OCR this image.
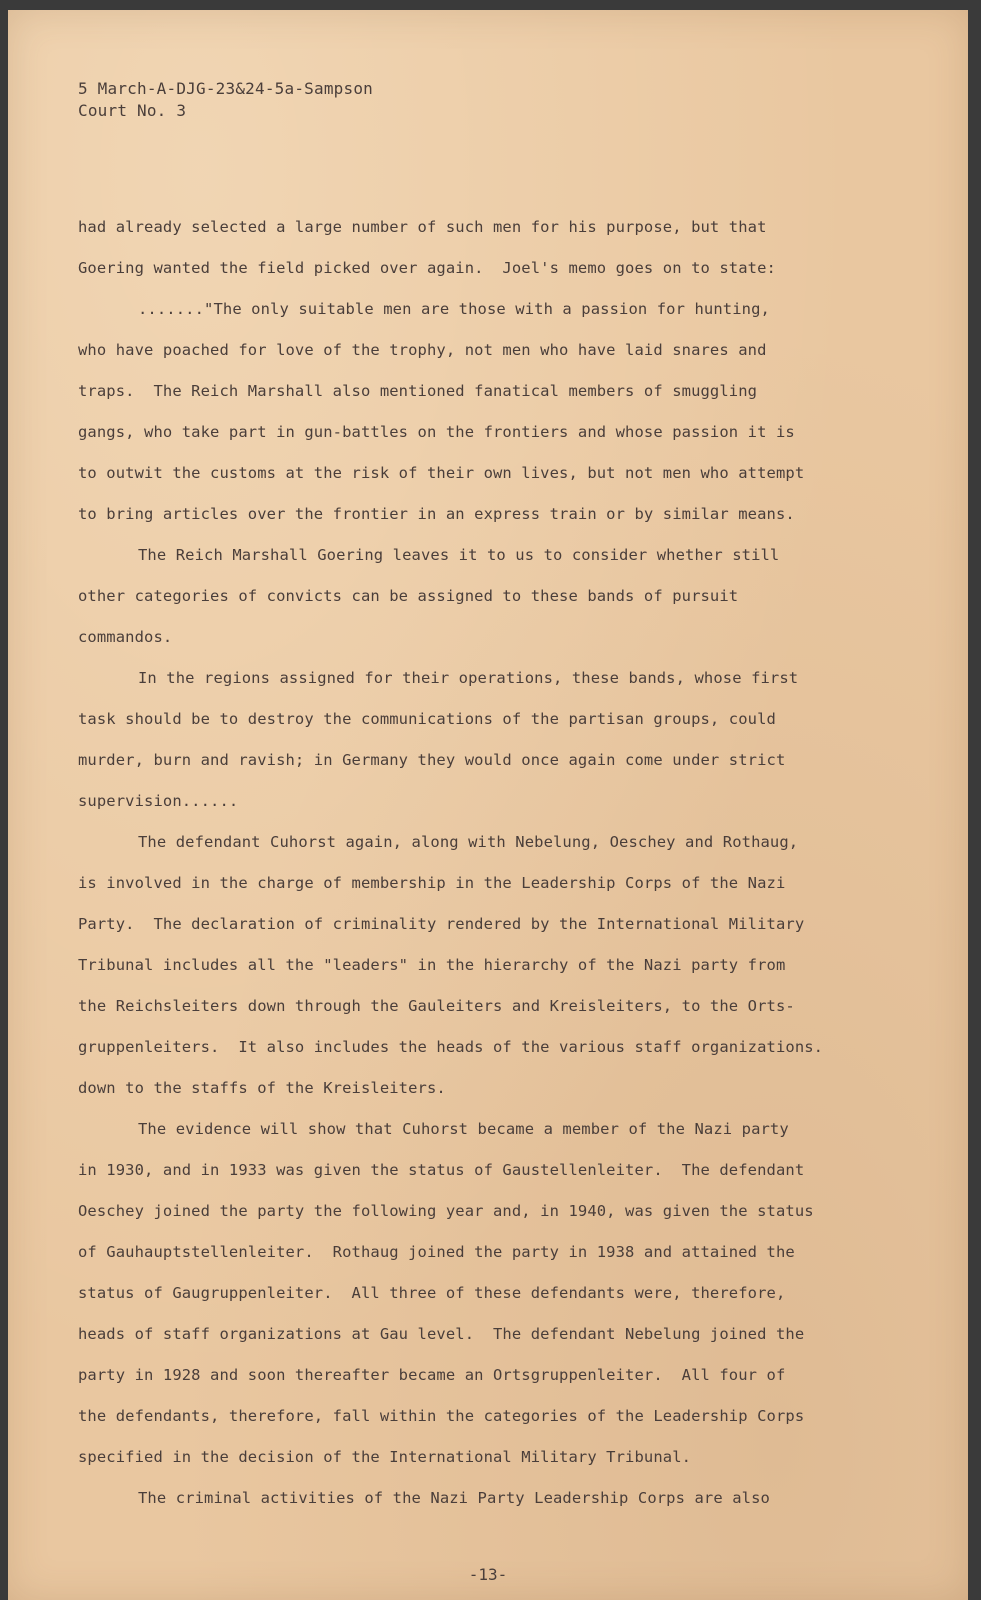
5 March-A-DJG-23&24-5a-Sampson
Court No. 3
had already selected a large number of such men for his purpose, but that
Goering wanted the field picked over again.  Joel's memo goes on to state:
......."The only suitable men are those with a passion for hunting,
who have poached for love of the trophy, not men who have laid snares and
traps.  The Reich Marshall also mentioned fanatical members of smuggling
gangs, who take part in gun-battles on the frontiers and whose passion it is
to outwit the customs at the risk of their own lives, but not men who attempt
to bring articles over the frontier in an express train or by similar means.
The Reich Marshall Goering leaves it to us to consider whether still
other categories of convicts can be assigned to these bands of pursuit
commandos.
In the regions assigned for their operations, these bands, whose first
task should be to destroy the communications of the partisan groups, could
murder, burn and ravish; in Germany they would once again come under strict
supervision......
The defendant Cuhorst again, along with Nebelung, Oeschey and Rothaug,
is involved in the charge of membership in the Leadership Corps of the Nazi
Party.  The declaration of criminality rendered by the International Military
Tribunal includes all the "leaders" in the hierarchy of the Nazi party from
the Reichsleiters down through the Gauleiters and Kreisleiters, to the Orts-
gruppenleiters.  It also includes the heads of the various staff organizations.
down to the staffs of the Kreisleiters.
The evidence will show that Cuhorst became a member of the Nazi party
in 1930, and in 1933 was given the status of Gaustellenleiter.  The defendant
Oeschey joined the party the following year and, in 1940, was given the status
of Gauhauptstellenleiter.  Rothaug joined the party in 1938 and attained the
status of Gaugruppenleiter.  All three of these defendants were, therefore,
heads of staff organizations at Gau level.  The defendant Nebelung joined the
party in 1928 and soon thereafter became an Ortsgruppenleiter.  All four of
the defendants, therefore, fall within the categories of the Leadership Corps
specified in the decision of the International Military Tribunal.
The criminal activities of the Nazi Party Leadership Corps are also
-13-
